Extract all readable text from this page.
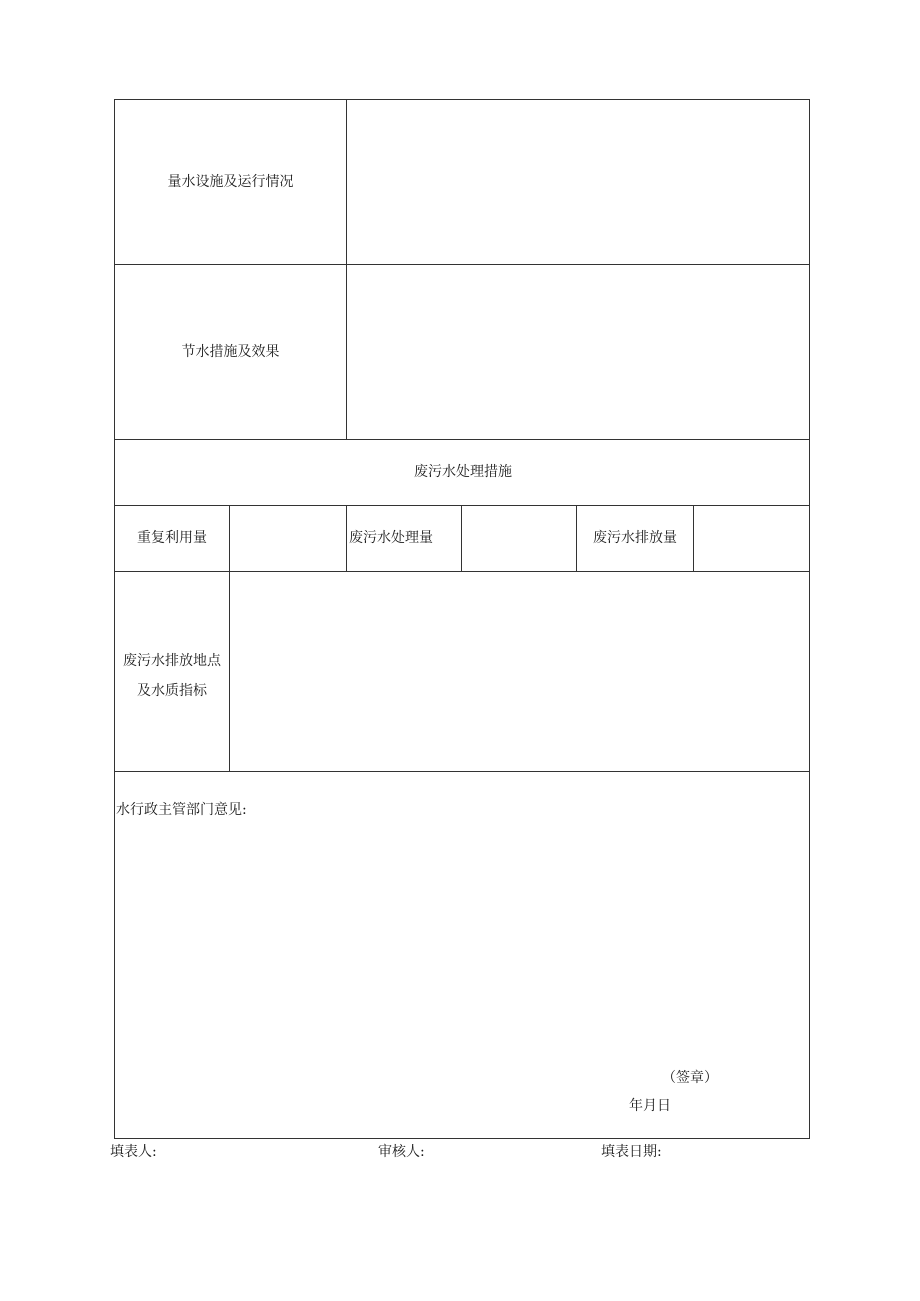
量水设施及运行情况
节水措施及效果
废污水处理措施
重复利用量	废污水处理量	废污水排放量
废污水排放地点
及水质指标
水行政主管部门意见:
（签章）
年月日
填表人:	审核人:	填表日期:
